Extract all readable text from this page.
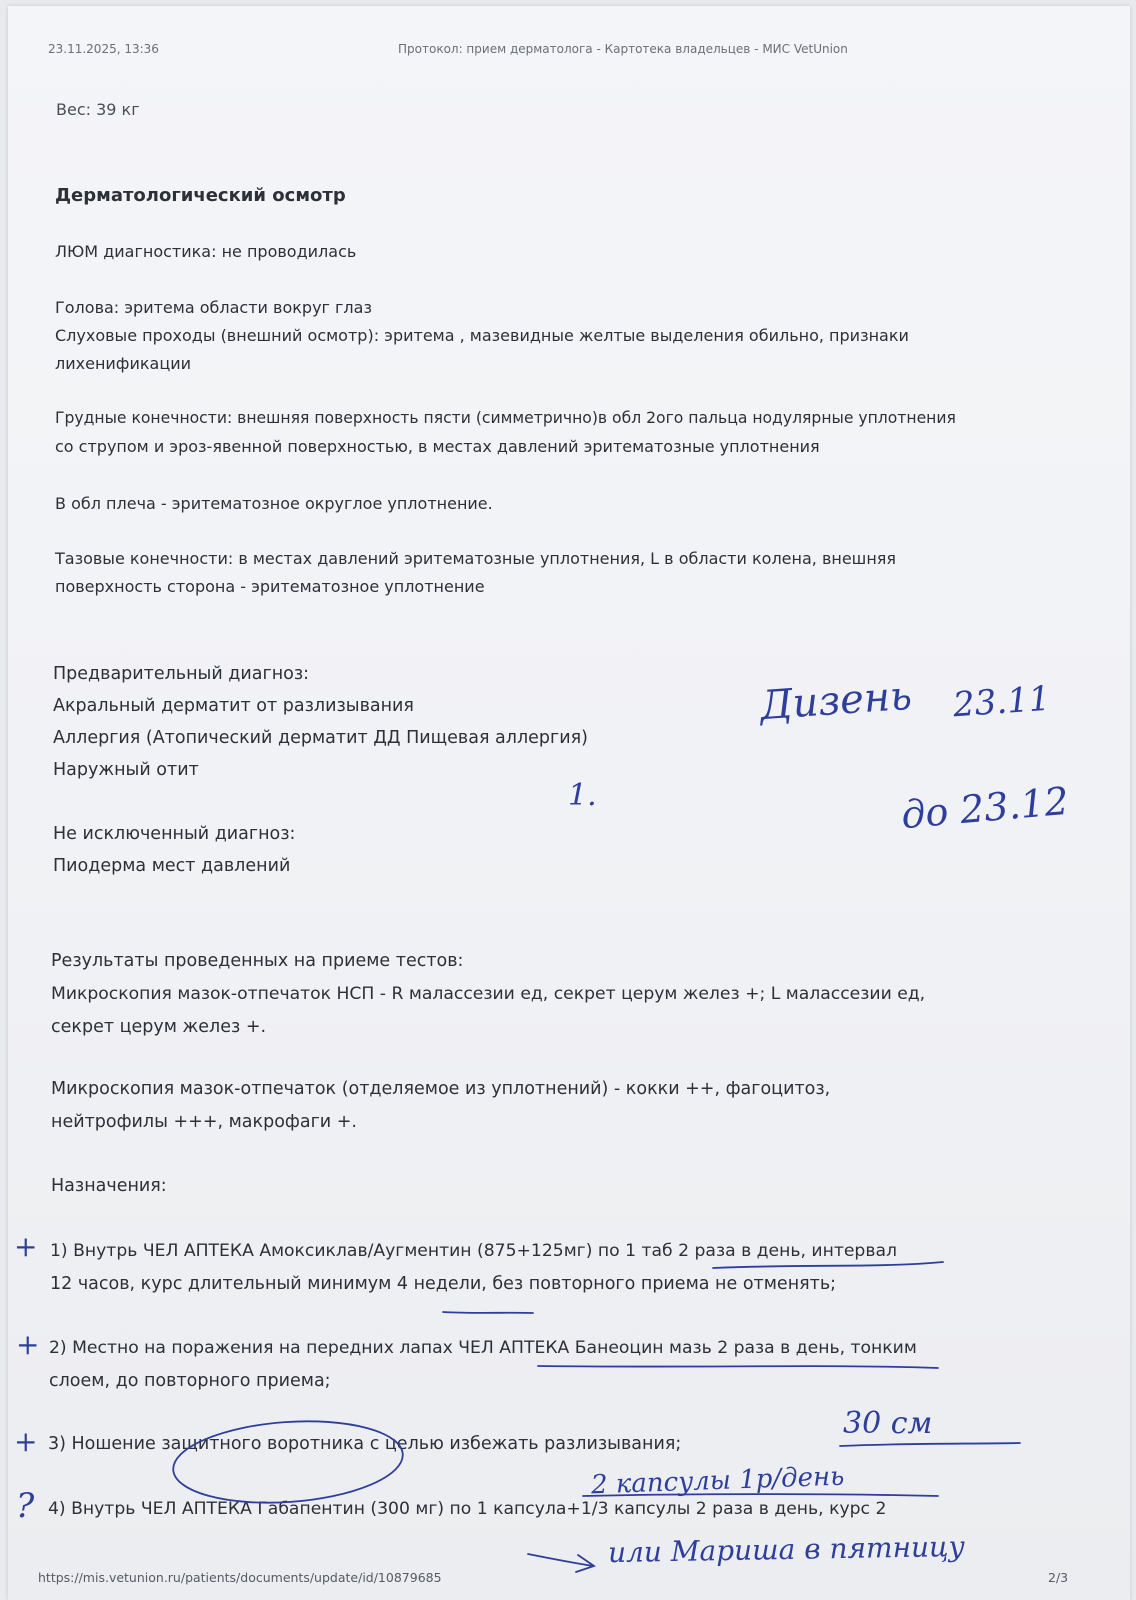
23.11.2025, 13:36	Протокол: прием дерматолога - Картотека владельцев - МИС VetUnion
Вес: 39 кг
Дерматологический осмотр
ЛЮМ диагностика: не проводилась
Голова: эритема области вокруг глаз
Слуховые проходы (внешний осмотр): эритема , мазевидные желтые выделения обильно, признаки
лихенификации
Грудные конечности: внешняя поверхность пясти (симметрично)в обл 2ого пальца нодулярные уплотнения
со струпом и эроз-явенной поверхностью, в местах давлений эритематозные уплотнения
В обл плеча - эритематозное округлое уплотнение.
Тазовые конечности: в местах давлений эритематозные уплотнения, L в области колена, внешняя
поверхность сторона - эритематозное уплотнение
Предварительный диагноз:
Акральный дерматит от разлизывания
Аллергия (Атопический дерматит ДД Пищевая аллергия)
Наружный отит
Не исключенный диагноз:
Пиодерма мест давлений
Результаты проведенных на приеме тестов:
Микроскопия мазок-отпечаток НСП - R малассезии ед, секрет церум желез +; L малассезии ед,
секрет церум желез +.
Микроскопия мазок-отпечаток (отделяемое из уплотнений) - кокки ++, фагоцитоз,
нейтрофилы +++, макрофаги +.
Назначения:
1) Внутрь ЧЕЛ АПТЕКА Амоксиклав/Аугментин (875+125мг) по 1 таб 2 раза в день, интервал
12 часов, курс длительный минимум 4 недели, без повторного приема не отменять;
2) Местно на поражения на передних лапах ЧЕЛ АПТЕКА Банеоцин мазь 2 раза в день, тонким
слоем, до повторного приема;
3) Ношение защитного воротника с целью избежать разлизывания;
4) Внутрь ЧЕЛ АПТЕКА Габапентин (300 мг) по 1 капсула+1/3 капсулы 2 раза в день, курс 2
https://mis.vetunion.ru/patients/documents/update/id/10879685	2/3
Дизень 23.11
1.	до 23.12
+
+
+
?
30 см
2 капсулы 1р/день
или Мариша в пятницу
